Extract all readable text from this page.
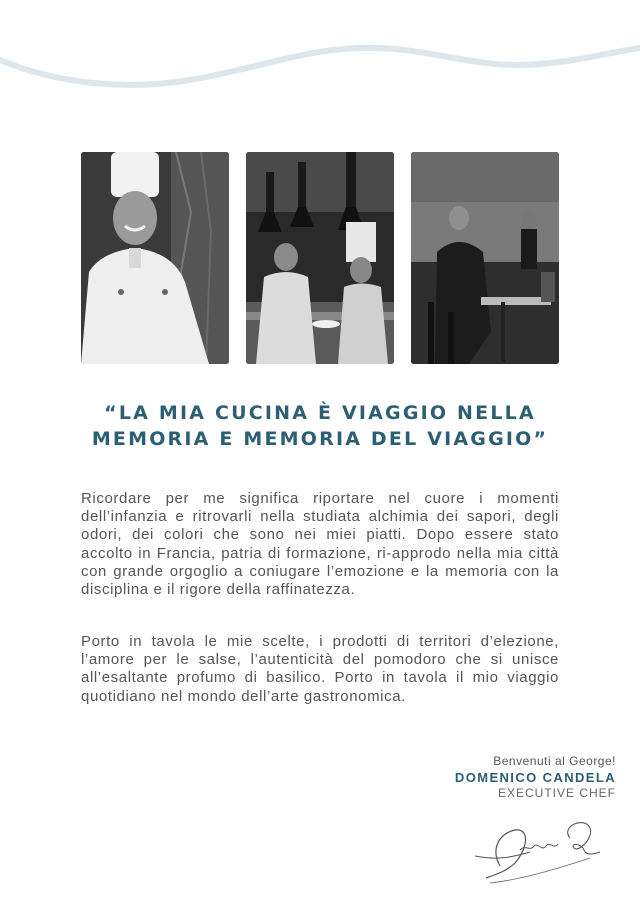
“LA MIA CUCINA È VIAGGIO NELLA
MEMORIA E MEMORIA DEL VIAGGIO”
Ricordare per me significa riportare nel cuore i momenti dell’infanzia e ritrovarli nella studiata alchimia dei sapori, degli odori, dei colori che sono nei miei piatti. Dopo essere stato accolto in Francia, patria di formazione, ri-approdo nella mia città con grande orgoglio a coniugare l’emozione e la memoria con la disciplina e il rigore della raffinatezza.
Porto in tavola le mie scelte, i prodotti di territori d’elezione, l’amore per le salse, l’autenticità del pomodoro che si unisce all’esaltante profumo di basilico. Porto in tavola il mio viaggio quotidiano nel mondo dell’arte gastronomica.
Benvenuti al George!
DOMENICO CANDELA
EXECUTIVE CHEF
